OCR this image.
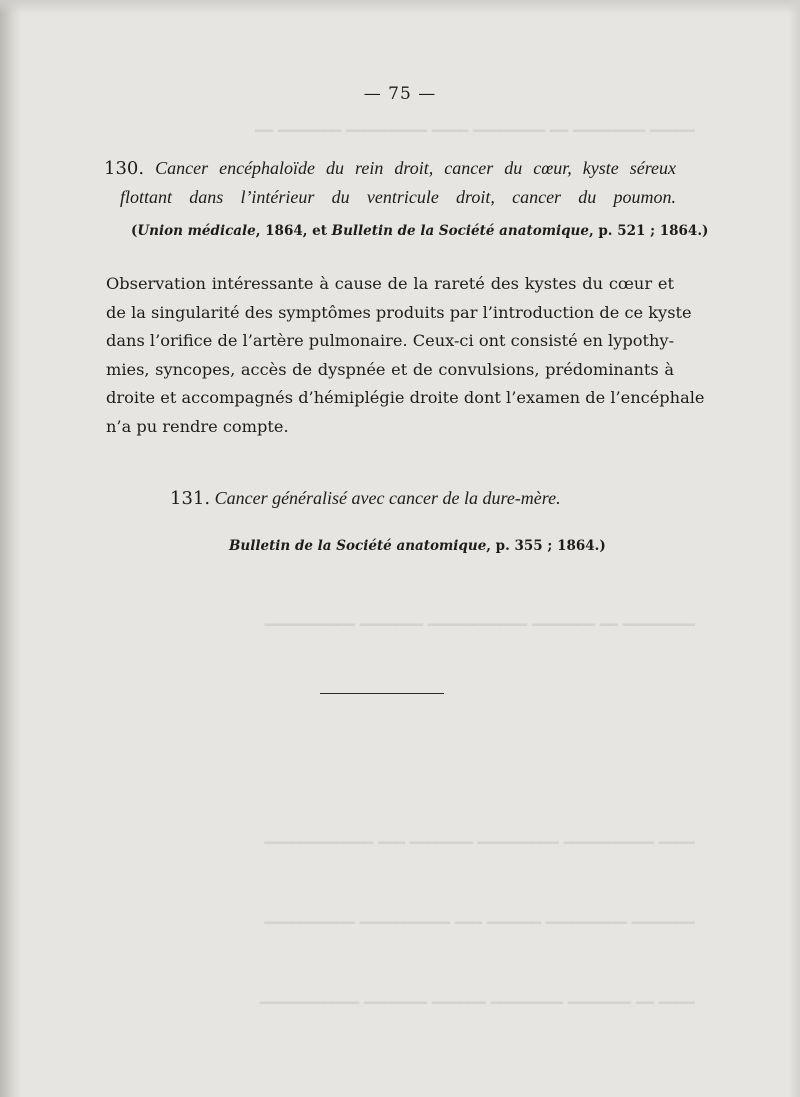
━━━━━ ━━━━━━━━ ━━ ━━━━━━━━ ━━━━ ━━━━━━━━━ ━━━━━━━ ━━
━━━━━━━━ ━━ ━━━━━━━ ━━━━━━━━━━━ ━━━━━━━ ━━━━━━━━━━
━━━━ ━━━━━━━━━━ ━━━━━━━━━ ━━━━━━━ ━━━ ━━━━━━━━━━━━
━━━━━━━ ━━━━━━━━━ ━━━━━━ ━━━ ━━━━━━━━━━ ━━━━━━━━━━
━━━━ ━━ ━━━━━━━ ━━━━━━━━ ━━━━━━ ━━━━━━━ ━━━━━━━━━━━
— 75 —
130. Cancer encéphaloïde du rein droit, cancer du cœur, kyste séreux
flottant dans l’intérieur du ventricule droit, cancer du poumon.
(Union médicale, 1864, et Bulletin de la Société anatomique, p. 521 ; 1864.)
Observation intéressante à cause de la rareté des kystes du cœur et
de la singularité des symptômes produits par l’introduction de ce kyste
dans l’orifice de l’artère pulmonaire. Ceux-ci ont consisté en lypothy-
mies, syncopes, accès de dyspnée et de convulsions, prédominants à
droite et accompagnés d’hémiplégie droite dont l’examen de l’encéphale
n’a pu rendre compte.
131. Cancer généralisé avec cancer de la dure-mère.
Bulletin de la Société anatomique, p. 355 ; 1864.)
